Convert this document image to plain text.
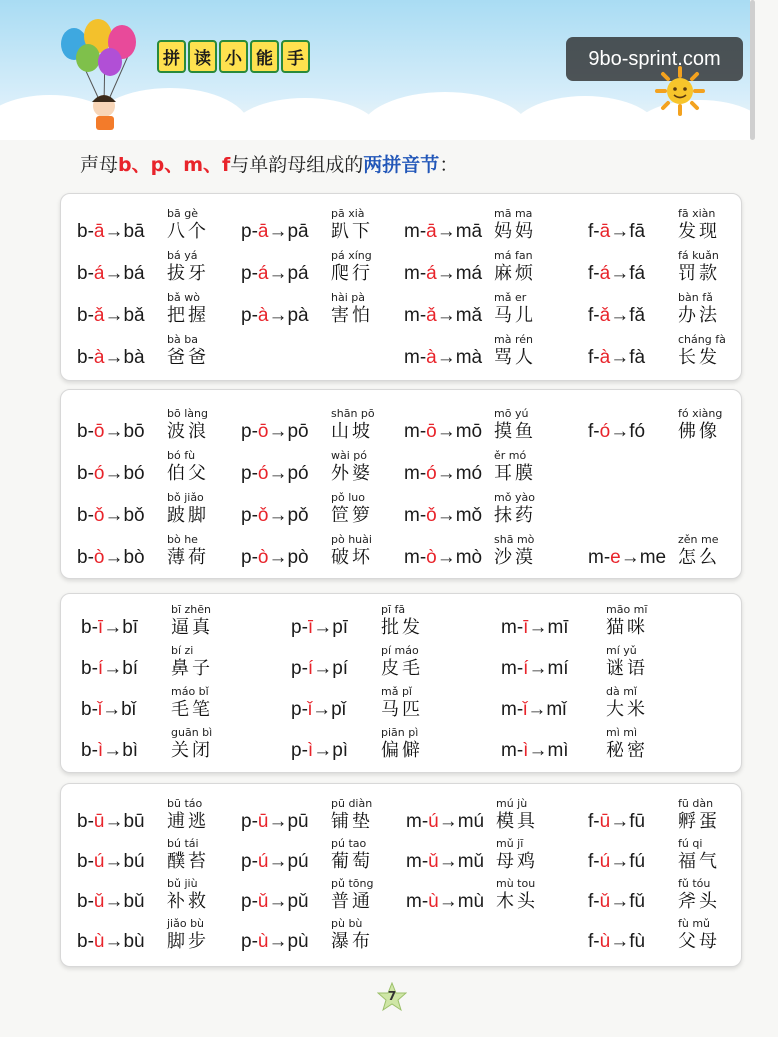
拼 读 小 能 手	9bo-sprint.com
声母b、p、m、f与单韵母组成的两拼音节：
b-ā→bā
bā gè
八个
b-á→bá
bá yá
拔牙
b-ǎ→bǎ
bǎ wò
把握
b-à→bà
bà ba
爸爸
p-ā→pā
pā xià
趴下
p-á→pá
pá xíng
爬行
p-à→pà
hài pà
害怕
m-ā→mā
mā ma
妈妈
m-á→má
má fan
麻烦
m-ǎ→mǎ
mǎ er
马儿
m-à→mà
mà rén
骂人
f-ā→fā
fā xiàn
发现
f-á→fá
fá kuǎn
罚款
f-ǎ→fǎ
bàn fǎ
办法
f-à→fà
cháng fà
长发
b-ō→bō
bō làng
波浪
b-ó→bó
bó fù
伯父
b-ǒ→bǒ
bǒ jiǎo
跛脚
b-ò→bò
bò he
薄荷
p-ō→pō
shān pō
山坡
p-ó→pó
wài pó
外婆
p-ǒ→pǒ
pǒ luo
笸箩
p-ò→pò
pò huài
破坏
m-ō→mō
mō yú
摸鱼
m-ó→mó
ěr mó
耳膜
m-ǒ→mǒ
mǒ yào
抹药
m-ò→mò
shā mò
沙漠
f-ó→fó
fó xiàng
佛像
m-e→me
zěn me
怎么
b-ī→bī
bī zhēn
逼真
b-í→bí
bí zi
鼻子
b-ǐ→bǐ
máo bǐ
毛笔
b-ì→bì
guān bì
关闭
p-ī→pī
pī fā
批发
p-í→pí
pí máo
皮毛
p-ǐ→pǐ
mǎ pǐ
马匹
p-ì→pì
piān pì
偏僻
m-ī→mī
māo mī
猫咪
m-í→mí
mí yǔ
谜语
m-ǐ→mǐ
dà mǐ
大米
m-ì→mì
mì mì
秘密
b-ū→bū
bū táo
逋逃
b-ú→bú
bú tái
醭苔
b-ǔ→bǔ
bǔ jiù
补救
b-ù→bù
jiǎo bù
脚步
p-ū→pū
pū diàn
铺垫
p-ú→pú
pú tao
葡萄
p-ǔ→pǔ
pǔ tōng
普通
p-ù→pù
pù bù
瀑布
m-ú→mú
mú jù
模具
m-ǔ→mǔ
mǔ jī
母鸡
m-ù→mù
mù tou
木头
f-ū→fū
fū dàn
孵蛋
f-ú→fú
fú qi
福气
f-ǔ→fǔ
fǔ tóu
斧头
f-ù→fù
fù mǔ
父母
7
